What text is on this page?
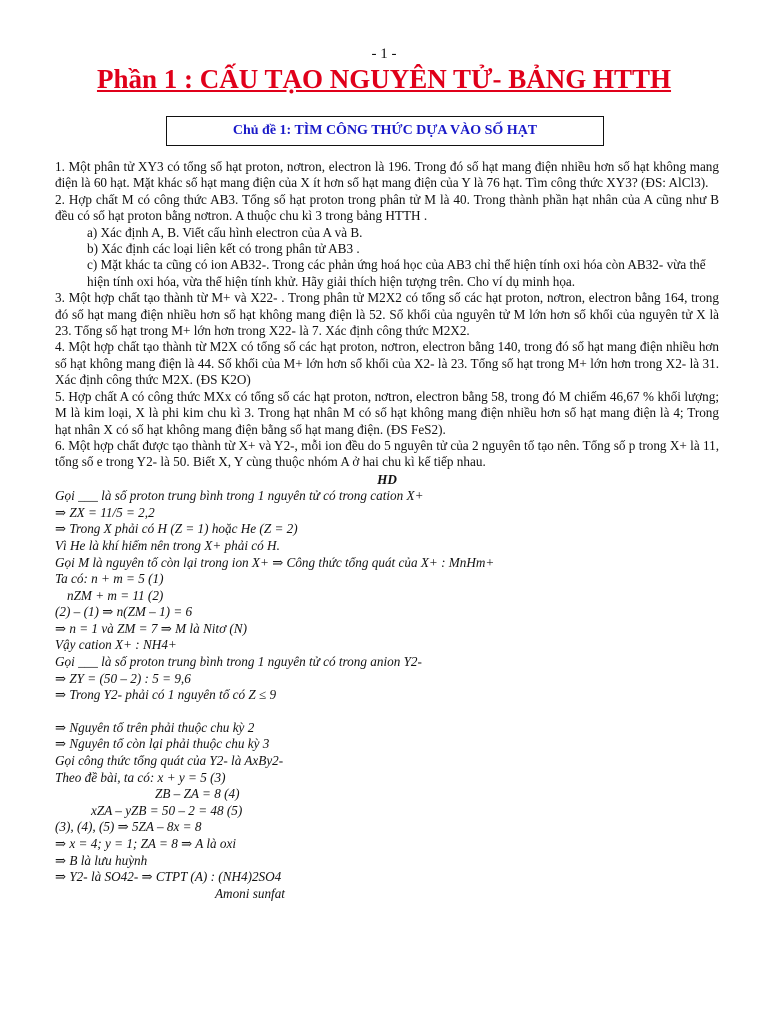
- 1 -
Phần 1 : CẤU TẠO NGUYÊN TỬ- BẢNG HTTH
Chủ đề 1: TÌM CÔNG THỨC DỰA VÀO SỐ HẠT

1. Một phân tử XY3 có tổng số hạt proton, nơtron, electron là 196. Trong đó số hạt mang điện nhiều hơn số hạt không mang điện là 60 hạt. Mặt khác số hạt mang điện của X ít hơn số hạt mang điện của Y là 76 hạt. Tìm công thức XY3? (ĐS: AlCl3).

2. Hợp chất M có công thức AB3. Tổng số hạt proton trong phân tử M là 40. Trong thành phần hạt nhân của A cũng như B đều có số hạt proton bằng nơtron. A thuộc chu kì 3 trong bảng HTTH .

a) Xác định A, B. Viết cấu hình electron của A và B.

b) Xác định các loại liên kết có trong phân tử AB3 .

c) Mặt khác ta cũng có ion AB32-. Trong các phản ứng hoá học của AB3 chỉ thể hiện tính oxi hóa còn AB32- vừa thể hiện tính oxi hóa, vừa thể hiện tính khử. Hãy giải thích hiện tượng trên. Cho ví dụ minh họa.

3. Một hợp chất tạo thành từ M+ và X22- . Trong phân tử M2X2 có tổng số các hạt proton, nơtron, electron bằng 164, trong đó số hạt mang điện nhiều hơn số hạt không mang điện là 52. Số khối của nguyên tử M lớn hơn số khối của nguyên tử X là 23. Tổng số hạt trong M+ lớn hơn trong X22- là 7. Xác định công thức M2X2.

4. Một hợp chất tạo thành từ M2X có tổng số các hạt proton, nơtron, electron bằng 140, trong đó số hạt mang điện nhiều hơn số hạt không mang điện là 44. Số khối của M+ lớn hơn số khối của X2- là 23. Tổng số hạt trong M+ lớn hơn trong X2- là 31. Xác định công thức M2X. (ĐS K2O)

5. Hợp chất A có công thức MXx có tổng số các hạt proton, nơtron, electron bằng 58, trong đó M chiếm 46,67 % khối lượng; M là kim loại, X là phi kim chu kì 3. Trong hạt nhân M có số hạt không mang điện nhiều hơn số hạt mang điện là 4; Trong hạt nhân X có số hạt không mang điện bằng số hạt mang điện. (ĐS FeS2).

6. Một hợp chất được tạo thành từ X+ và Y2-, mỗi ion đều do 5 nguyên tử của 2 nguyên tố tạo nên. Tổng số p trong X+ là 11, tổng số e trong Y2- là 50. Biết X, Y cùng thuộc nhóm A ở hai chu kì kế tiếp nhau.

HD

Gọi ___ là số proton trung bình trong 1 nguyên tử có trong cation X+

⇒ ZX = 11/5 = 2,2

⇒ Trong X phải có H (Z = 1) hoặc He (Z = 2)

Vì He là khí hiếm nên trong X+ phải có H.

Gọi M là nguyên tố còn lại trong ion X+ ⇒ Công thức tổng quát của X+ : MnHm+

Ta có: n + m = 5 (1)

nZM + m = 11 (2)

(2) – (1) ⇒ n(ZM – 1) = 6

⇒ n = 1 và ZM = 7 ⇒ M là Nitơ (N)

Vậy cation X+ : NH4+

Gọi ___ là số proton trung bình trong 1 nguyên tử có trong anion Y2-

⇒ ZY = (50 – 2) : 5 = 9,6

⇒ Trong Y2- phải có 1 nguyên tố có Z ≤ 9

⇒ Nguyên tố trên phải thuộc chu kỳ 2

⇒ Nguyên tố còn lại phải thuộc chu kỳ 3

Gọi công thức tổng quát của Y2- là AxBy2-

Theo đề bài, ta có: x + y = 5 (3)

ZB – ZA = 8 (4)

xZA – yZB = 50 – 2 = 48 (5)

(3), (4), (5) ⇒ 5ZA – 8x = 8

⇒ x = 4; y = 1; ZA = 8 ⇒ A là oxi

⇒ B là lưu huỳnh

⇒ Y2- là SO42- ⇒ CTPT (A) : (NH4)2SO4

Amoni sunfat
